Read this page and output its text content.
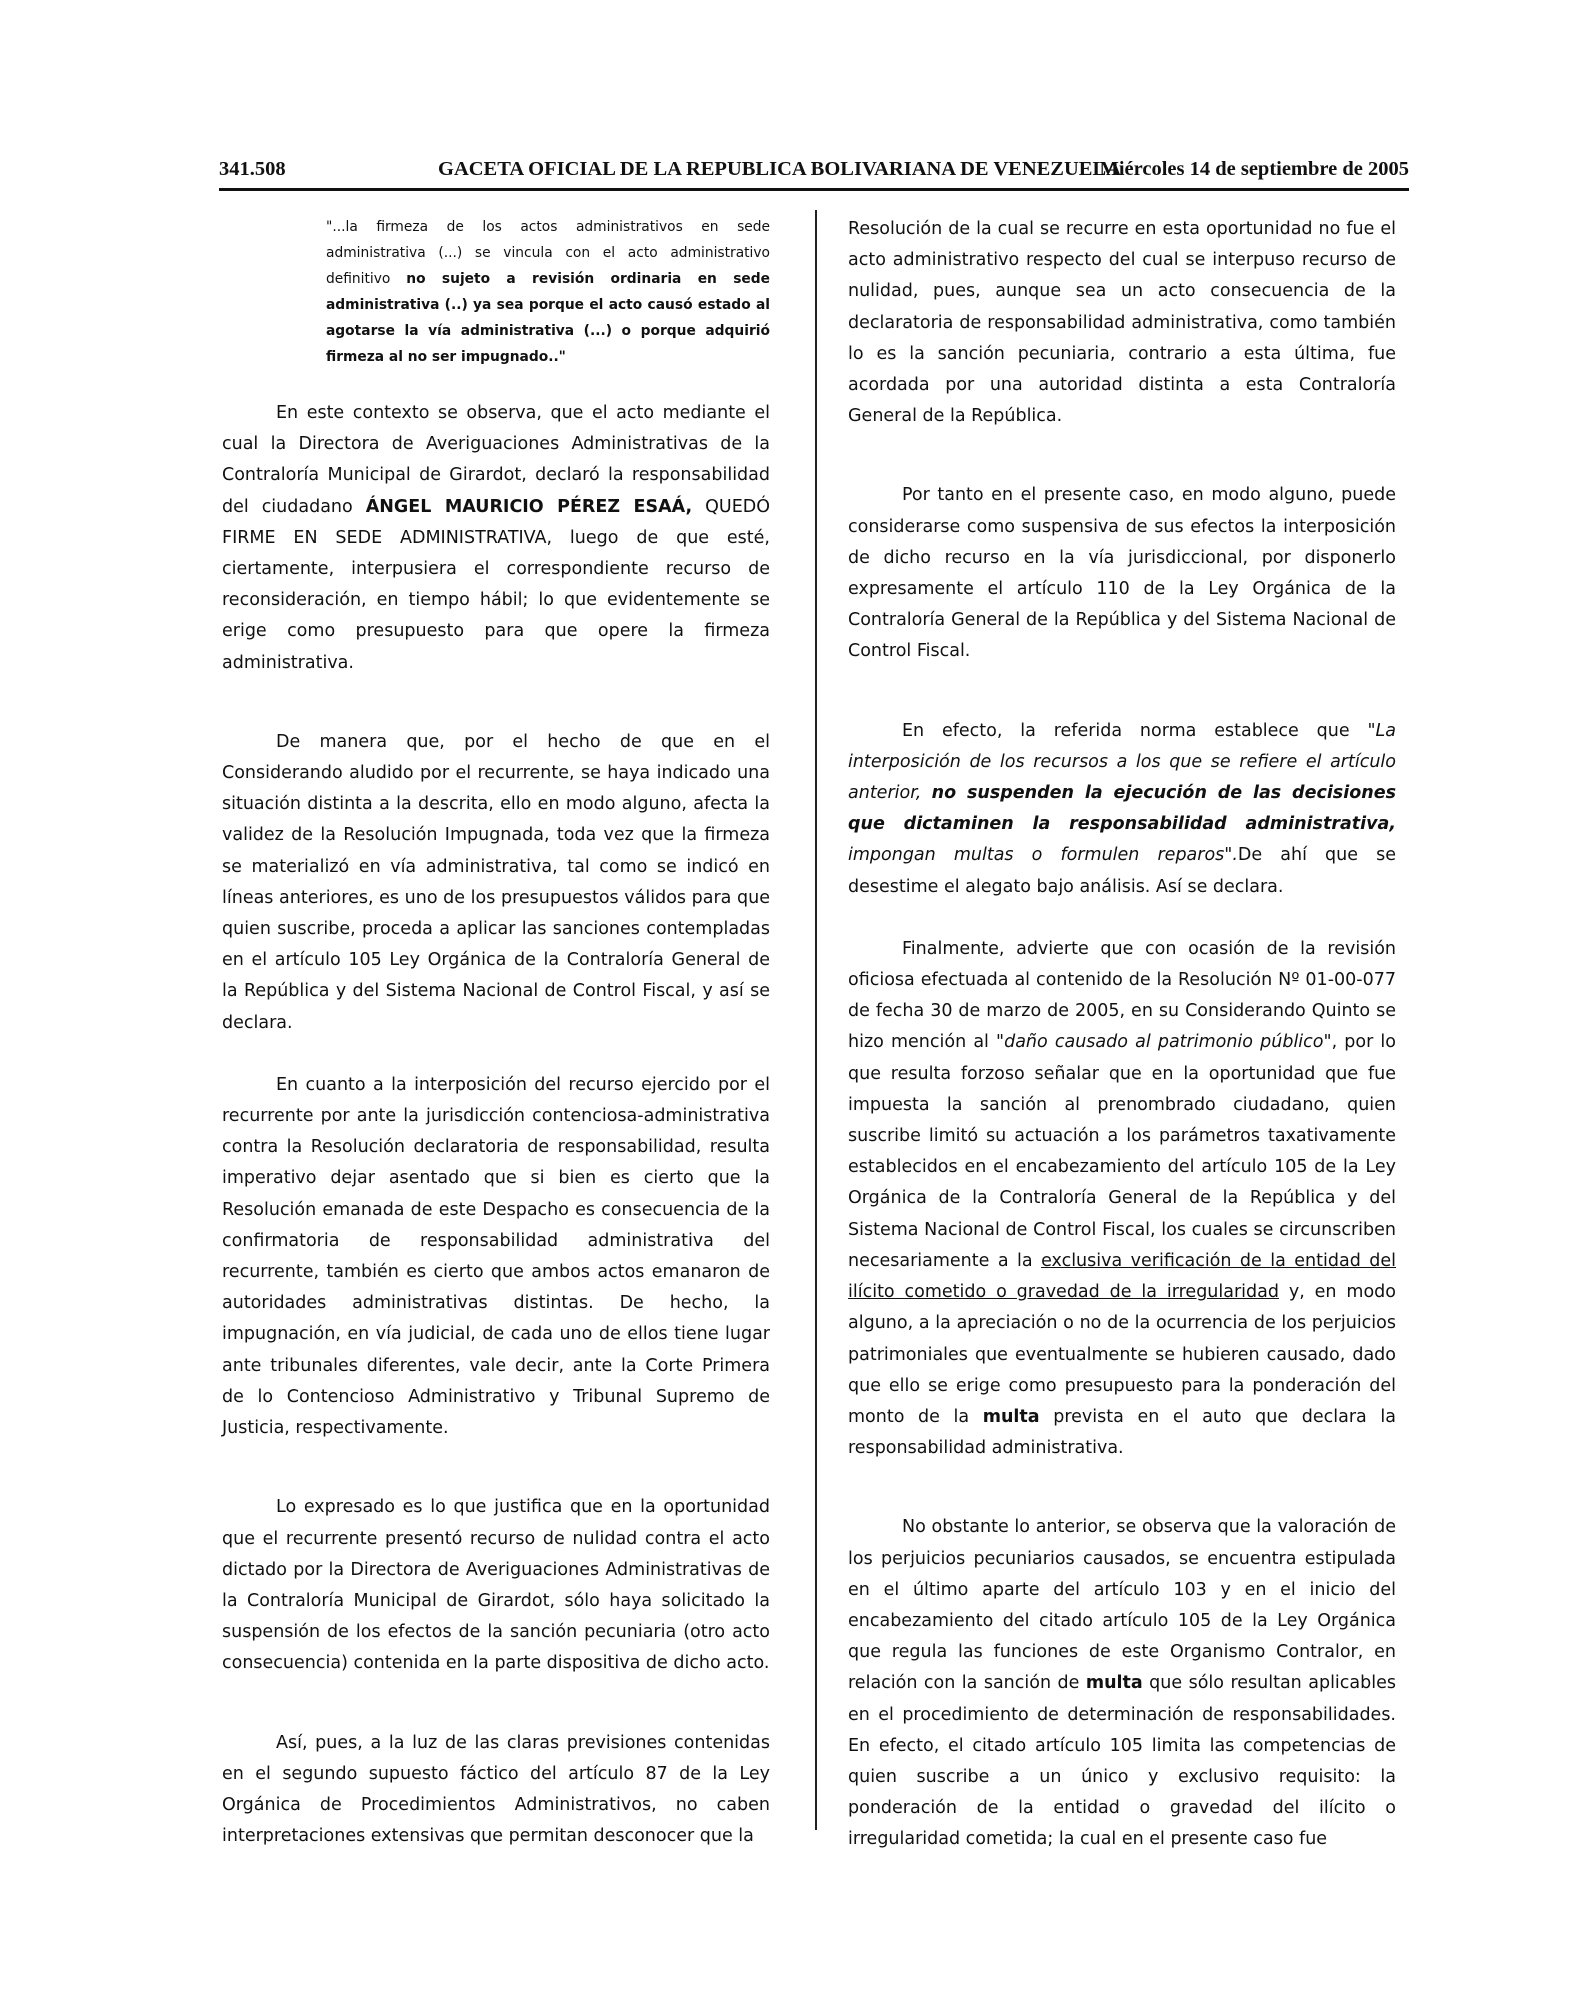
341.508	GACETA OFICIAL DE LA REPUBLICA BOLIVARIANA DE VENEZUELA
Miércoles 14 de septiembre de 2005

"...la firmeza de los actos administrativos en sede administrativa (...) se vincula con el acto administrativo definitivo no sujeto a revisión ordinaria en sede administrativa (..) ya sea porque el acto causó estado al agotarse la vía administrativa (...) o porque adquirió firmeza al no ser impugnado.."

En este contexto se observa, que el acto mediante el cual la Directora de Averiguaciones Administrativas de la Contraloría Municipal de Girardot, declaró la responsabilidad del ciudadano ÁNGEL MAURICIO PÉREZ ESAÁ, QUEDÓ FIRME EN SEDE ADMINISTRATIVA, luego de que esté, ciertamente, interpusiera el correspondiente recurso de reconsideración, en tiempo hábil; lo que evidentemente se erige como presupuesto para que opere la firmeza administrativa.

De manera que, por el hecho de que en el Considerando aludido por el recurrente, se haya indicado una situación distinta a la descrita, ello en modo alguno, afecta la validez de la Resolución Impugnada, toda vez que la firmeza se materializó en vía administrativa, tal como se indicó en líneas anteriores, es uno de los presupuestos válidos para que quien suscribe, proceda a aplicar las sanciones contempladas en el artículo 105 Ley Orgánica de la Contraloría General de la República y del Sistema Nacional de Control Fiscal, y así se declara.

En cuanto a la interposición del recurso ejercido por el recurrente por ante la jurisdicción contenciosa-administrativa contra la Resolución declaratoria de responsabilidad, resulta imperativo dejar asentado que si bien es cierto que la Resolución emanada de este Despacho es consecuencia de la confirmatoria de responsabilidad administrativa del recurrente, también es cierto que ambos actos emanaron de autoridades administrativas distintas. De hecho, la impugnación, en vía judicial, de cada uno de ellos tiene lugar ante tribunales diferentes, vale decir, ante la Corte Primera de lo Contencioso Administrativo y Tribunal Supremo de Justicia, respectivamente.

Lo expresado es lo que justifica que en la oportunidad que el recurrente presentó recurso de nulidad contra el acto dictado por la Directora de Averiguaciones Administrativas de la Contraloría Municipal de Girardot, sólo haya solicitado la suspensión de los efectos de la sanción pecuniaria (otro acto consecuencia) contenida en la parte dispositiva de dicho acto.

Así, pues, a la luz de las claras previsiones contenidas en el segundo supuesto fáctico del artículo 87 de la Ley Orgánica de Procedimientos Administrativos, no caben interpretaciones extensivas que permitan desconocer que la

Resolución de la cual se recurre en esta oportunidad no fue el acto administrativo respecto del cual se interpuso recurso de nulidad, pues, aunque sea un acto consecuencia de la declaratoria de responsabilidad administrativa, como también lo es la sanción pecuniaria, contrario a esta última, fue acordada por una autoridad distinta a esta Contraloría General de la República.

Por tanto en el presente caso, en modo alguno, puede considerarse como suspensiva de sus efectos la interposición de dicho recurso en la vía jurisdiccional, por disponerlo expresamente el artículo 110 de la Ley Orgánica de la Contraloría General de la República y del Sistema Nacional de Control Fiscal.

En efecto, la referida norma establece que "La interposición de los recursos a los que se refiere el artículo anterior, no suspenden la ejecución de las decisiones que dictaminen la responsabilidad administrativa, impongan multas o formulen reparos".De ahí que se desestime el alegato bajo análisis. Así se declara.

Finalmente, advierte que con ocasión de la revisión oficiosa efectuada al contenido de la Resolución Nº 01-00-077 de fecha 30 de marzo de 2005, en su Considerando Quinto se hizo mención al "daño causado al patrimonio público", por lo que resulta forzoso señalar que en la oportunidad que fue impuesta la sanción al prenombrado ciudadano, quien suscribe limitó su actuación a los parámetros taxativamente establecidos en el encabezamiento del artículo 105 de la Ley Orgánica de la Contraloría General de la República y del Sistema Nacional de Control Fiscal, los cuales se circunscriben necesariamente a la exclusiva verificación de la entidad del ilícito cometido o gravedad de la irregularidad y, en modo alguno, a la apreciación o no de la ocurrencia de los perjuicios patrimoniales que eventualmente se hubieren causado, dado que ello se erige como presupuesto para la ponderación del monto de la multa prevista en el auto que declara la responsabilidad administrativa.

No obstante lo anterior, se observa que la valoración de los perjuicios pecuniarios causados, se encuentra estipulada en el último aparte del artículo 103 y en el inicio del encabezamiento del citado artículo 105 de la Ley Orgánica que regula las funciones de este Organismo Contralor, en relación con la sanción de multa que sólo resultan aplicables en el procedimiento de determinación de responsabilidades. En efecto, el citado artículo 105 limita las competencias de quien suscribe a un único y exclusivo requisito: la ponderación de la entidad o gravedad del ilícito o irregularidad cometida; la cual en el presente caso fue
